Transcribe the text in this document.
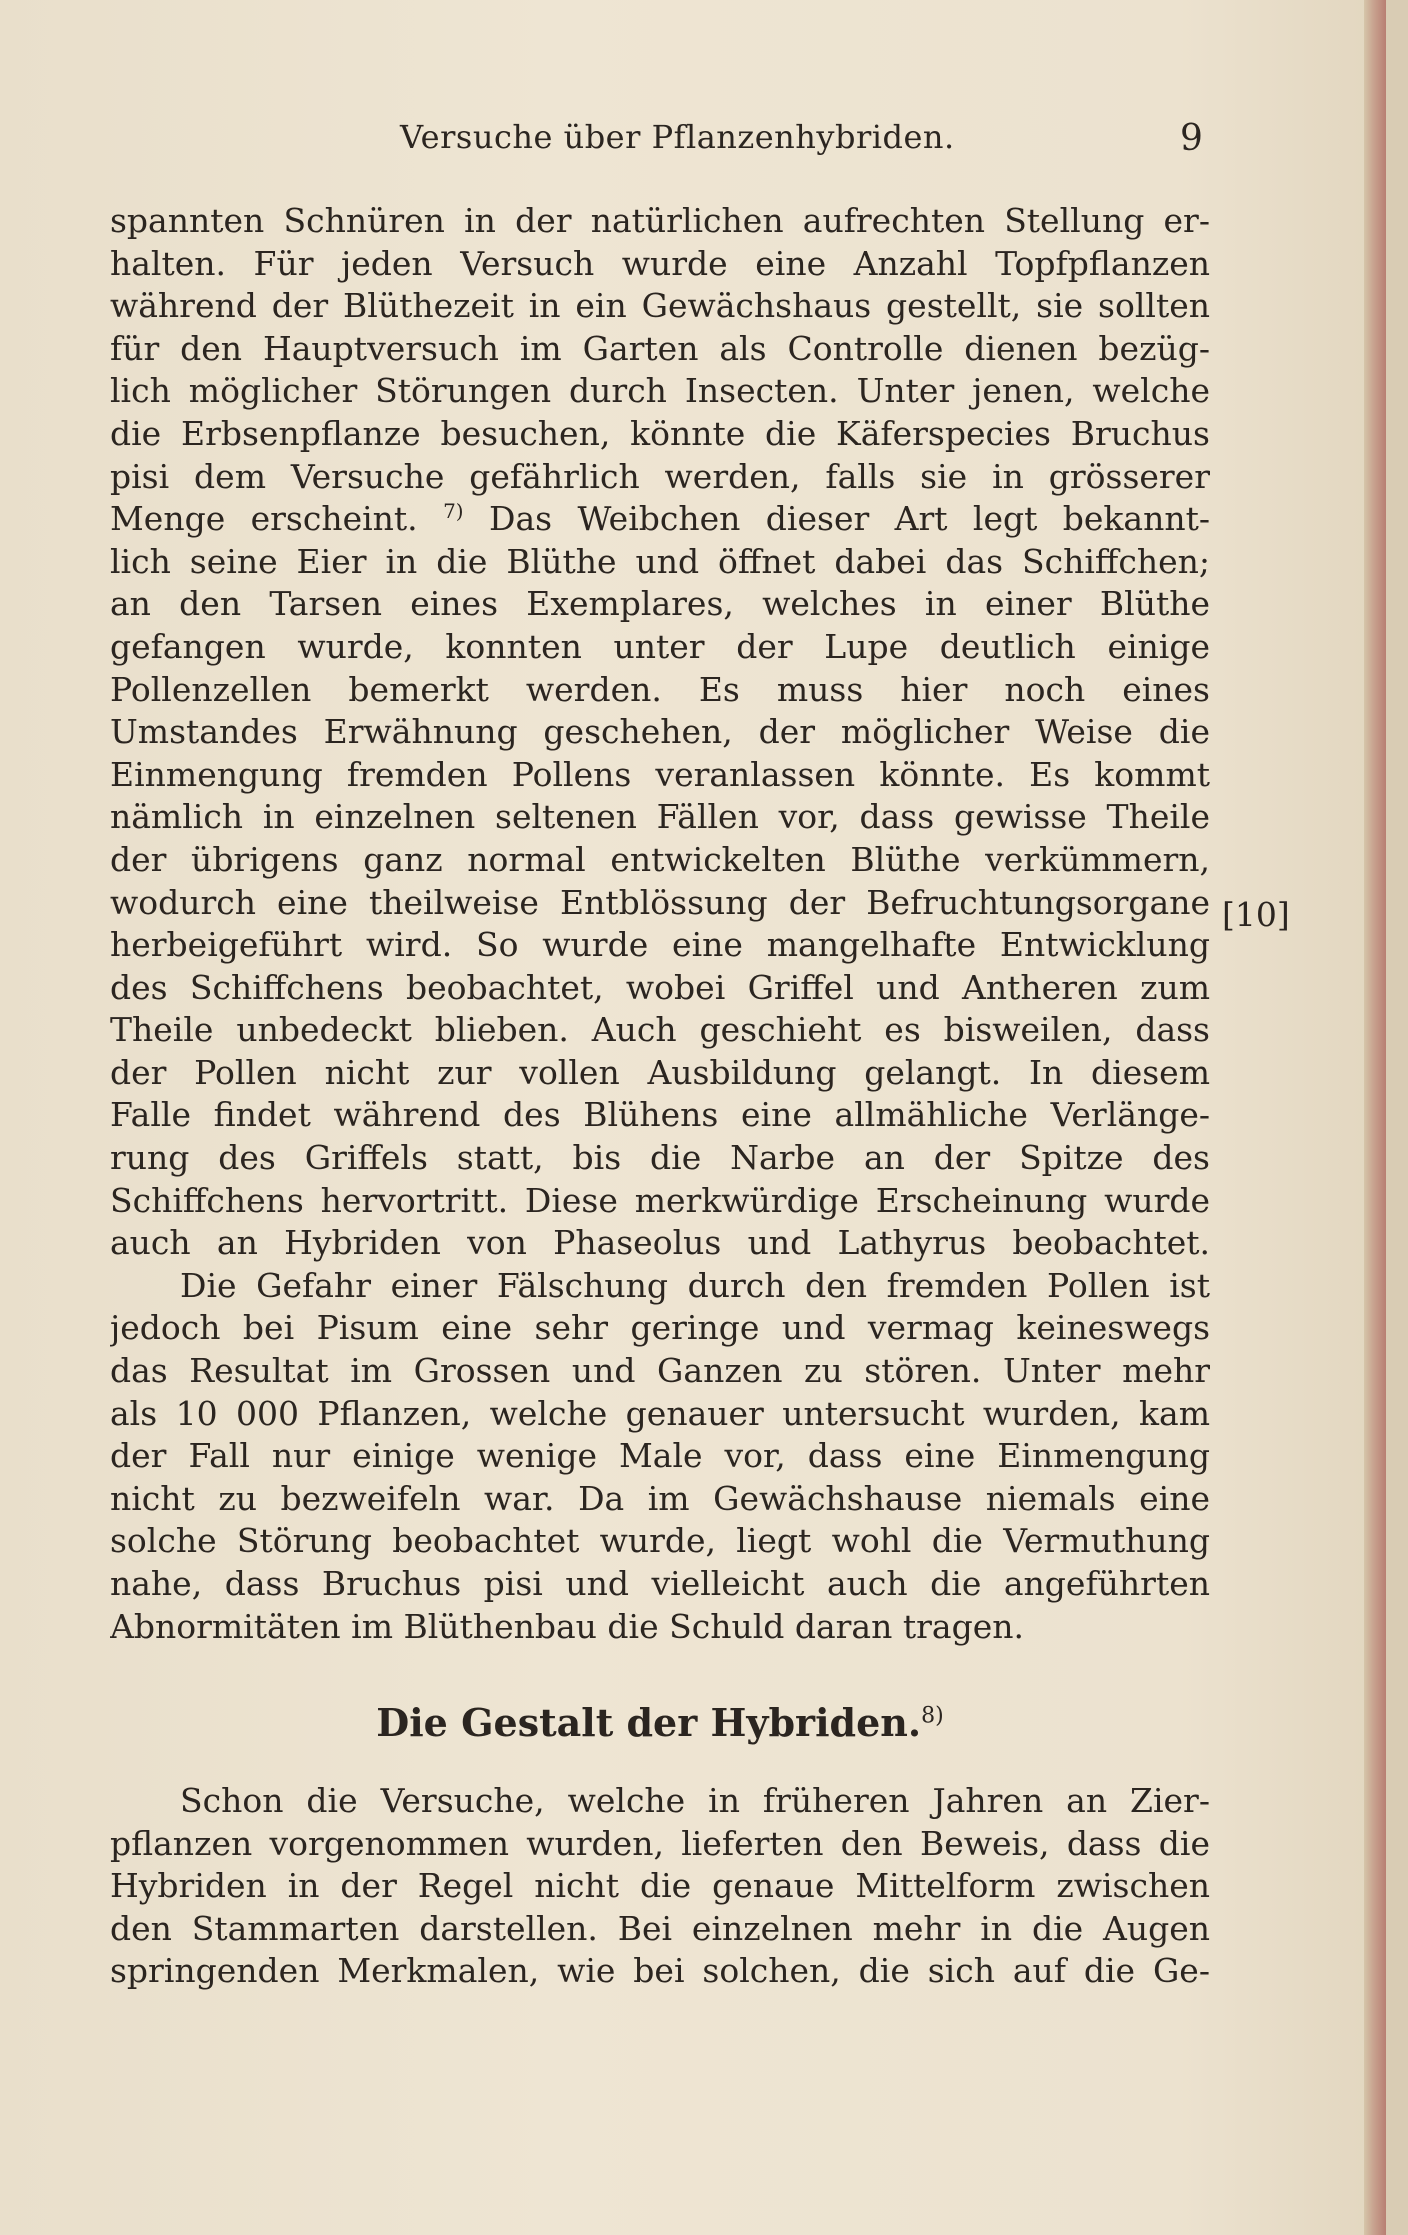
Versuche über Pflanzenhybriden.	9
spannten Schnüren in der natürlichen aufrechten Stellung er-
halten. Für jeden Versuch wurde eine Anzahl Topfpflanzen
während der Blüthezeit in ein Gewächshaus gestellt, sie sollten
für den Hauptversuch im Garten als Controlle dienen bezüg-
lich möglicher Störungen durch Insecten. Unter jenen, welche
die Erbsenpflanze besuchen, könnte die Käferspecies Bruchus
pisi dem Versuche gefährlich werden, falls sie in grösserer
Menge erscheint. $^{7)}$ Das Weibchen dieser Art legt bekannt-
lich seine Eier in die Blüthe und öffnet dabei das Schiffchen;
an den Tarsen eines Exemplares, welches in einer Blüthe
gefangen wurde, konnten unter der Lupe deutlich einige
Pollenzellen bemerkt werden. Es muss hier noch eines
Umstandes Erwähnung geschehen, der möglicher Weise die
Einmengung fremden Pollens veranlassen könnte. Es kommt
nämlich in einzelnen seltenen Fällen vor, dass gewisse Theile
der übrigens ganz normal entwickelten Blüthe verkümmern,
wodurch eine theilweise Entblössung der Befruchtungsorgane
herbeigeführt wird. So wurde eine mangelhafte Entwicklung
des Schiffchens beobachtet, wobei Griffel und Antheren zum
Theile unbedeckt blieben. Auch geschieht es bisweilen, dass
der Pollen nicht zur vollen Ausbildung gelangt. In diesem
Falle findet während des Blühens eine allmähliche Verlänge-
rung des Griffels statt, bis die Narbe an der Spitze des
Schiffchens hervortritt. Diese merkwürdige Erscheinung wurde
auch an Hybriden von Phaseolus und Lathyrus beobachtet.
Die Gefahr einer Fälschung durch den fremden Pollen ist
jedoch bei Pisum eine sehr geringe und vermag keineswegs
das Resultat im Grossen und Ganzen zu stören. Unter mehr
als 10 000 Pflanzen, welche genauer untersucht wurden, kam
der Fall nur einige wenige Male vor, dass eine Einmengung
nicht zu bezweifeln war. Da im Gewächshause niemals eine
solche Störung beobachtet wurde, liegt wohl die Vermuthung
nahe, dass Bruchus pisi und vielleicht auch die angeführten
Abnormitäten im Blüthenbau die Schuld daran tragen.
[10]
Die Gestalt der Hybriden.$^{8)}$
Schon die Versuche, welche in früheren Jahren an Zier-
pflanzen vorgenommen wurden, lieferten den Beweis, dass die
Hybriden in der Regel nicht die genaue Mittelform zwischen
den Stammarten darstellen. Bei einzelnen mehr in die Augen
springenden Merkmalen, wie bei solchen, die sich auf die Ge-
